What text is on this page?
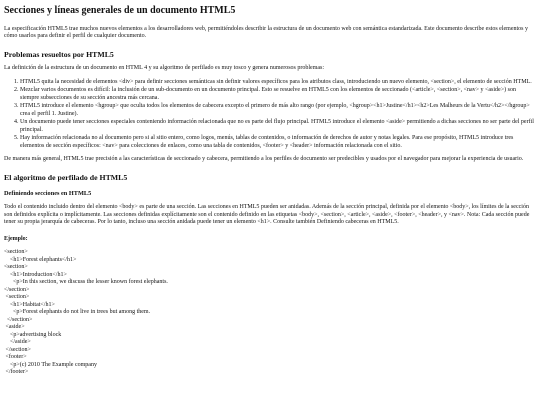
Secciones y líneas generales de un documento HTML5

La especificación HTML5 trae muchos nuevos elementos a los desarrolladores web, permitiéndoles describir la estructura de un documento web con semántica estandarizada. Este documento describe estos elementos y cómo usarlos para definir el perfil de cualquier documento.

Problemas resueltos por HTML5

La definición de la estructura de un documento en HTML 4 y su algoritmo de perfilado es muy tosco y genera numerosos problemas:

1. HTML5 quita la necesidad de elementos <div> para definir secciones semánticas sin definir valores específicos para los atributos class, introduciendo un nuevo elemento, <section>, el elemento de sección HTML.
2. Mezclar varios documentos es difícil: la inclusión de un sub-documento en un documento principal. Esto se resuelve en HTML5 con los elementos de seccionado (<article>, <section>, <nav> y <aside>) son siempre subsecciones de su sección ancestra más cercana.
3. HTML5 introduce el elemento <hgroup> que oculta todos los elementos de cabecera excepto el primero de más alto rango (por ejemplo, <hgroup><h1>Justine</h1><h2>Les Malheurs de la Vertu</h2></hgroup> crea el perfil 1. Justine).
4. Un documento puede tener secciones especiales conteniendo información relacionada que no es parte del flujo principal. HTML5 introduce el elemento <aside> permitiendo a dichas secciones no ser parte del perfil principal.
5. Hay información relacionada no al documento pero si al sitio entero, como logos, menús, tablas de contenidos, o información de derechos de autor y notas legales. Para ese propósito, HTML5 introduce tres elementos de sección específicos: <nav> para colecciones de enlaces, como una tabla de contenidos, <footer> y <header> información relacionada con el sitio.

De manera más general, HTML5 trae precisión a las características de seccionado y cabecera, permitiendo a los perfiles de documento ser predecibles y usados por el navegador para mejorar la experiencia de usuario.

El algoritmo de perfilado de HTML5
Definiendo secciones en HTML5

Todo el contenido incluido dentro del elemento <body> es parte de una sección. Las secciones en HTML5 pueden ser anidadas. Además de la sección principal, definida por el elemento <body>, los límites de la sección son definidos explícita o implícitamente. Las secciones definidas explícitamente son el contenido definido en las etiquetas <body>, <section>, <article>, <aside>, <footer>, <header>, y <nav>. Nota: Cada sección puede tener su propia jerarquía de cabeceras. Por lo tanto, incluso una sección anidada puede tener un elemento <h1>. Consulte también Definiendo cabeceras en HTML5.

Ejemplo:
<section>
<h1>Forest elephants</h1>
<section>
<h1>Introduction</h1>
<p>In this section, we discuss the lesser known forest elephants.
</section>
<section>
<h1>Habitat</h1>
<p>Forest elephants do not live in trees but among them.
</section>
<aside>
<p>advertising block
</aside>
</section>
<footer>
<p>(c) 2010 The Example company
</footer>
